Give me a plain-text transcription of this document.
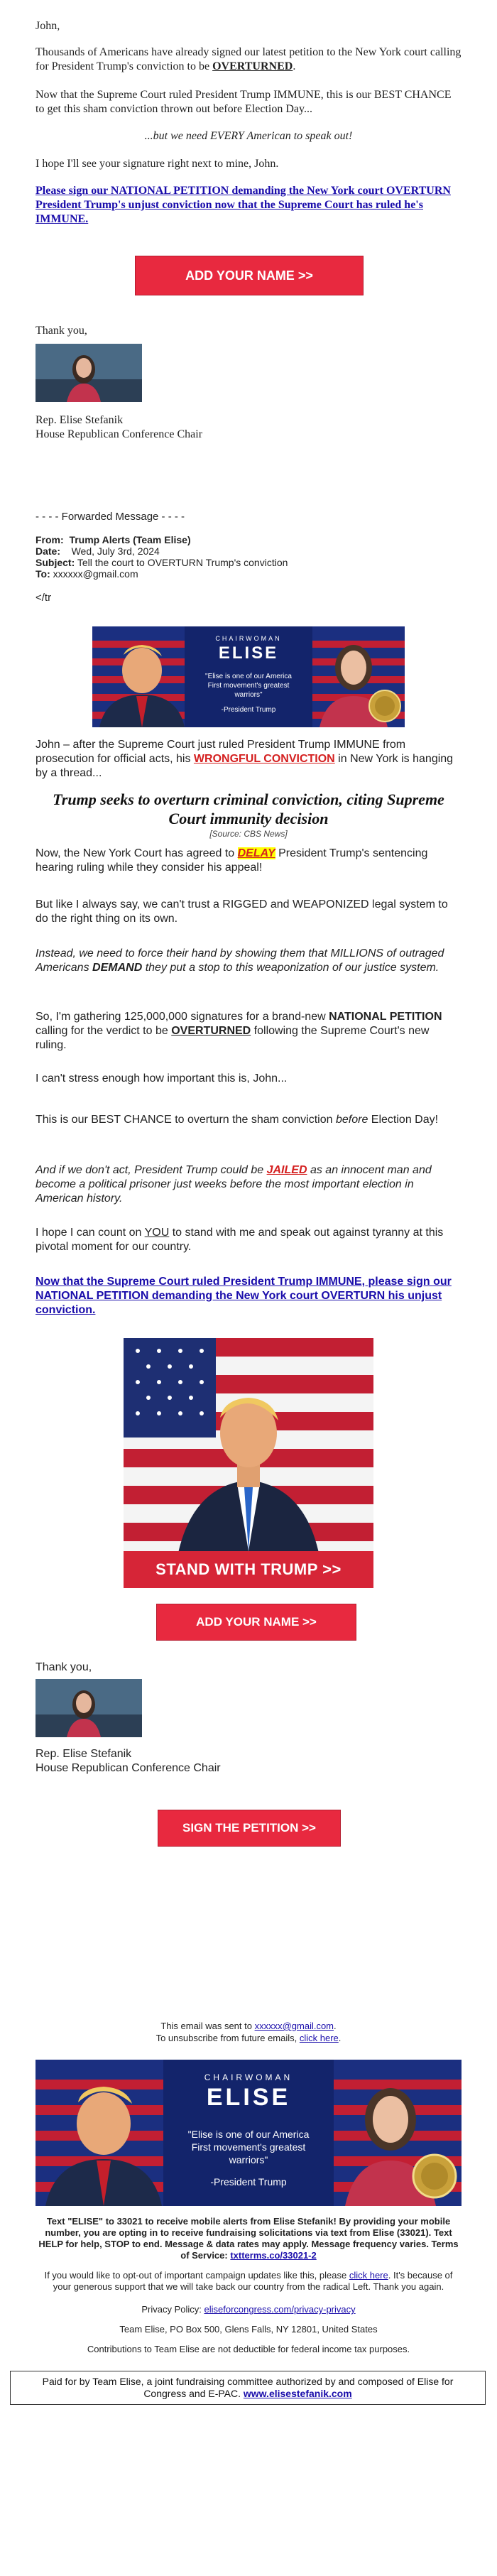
John,

Thousands of Americans have already signed our latest petition to the New York court calling for President Trump's conviction to be OVERTURNED.

Now that the Supreme Court ruled President Trump IMMUNE, this is our BEST CHANCE to get this sham conviction thrown out before Election Day...

...but we need EVERY American to speak out!

I hope I'll see your signature right next to mine, John.

Please sign our NATIONAL PETITION demanding the New York court OVERTURN President Trump's unjust conviction now that the Supreme Court has ruled he's IMMUNE.
ADD YOUR NAME >>

Thank you,

Rep. Elise Stefanik

House Republican Conference Chair

- - - - Forwarded Message - - - -

From: Trump Alerts (Team Elise)
Date: Wed, July 3rd, 2024
Subject: Tell the court to OVERTURN Trump's conviction
To: xxxxxx@gmail.com

</tr

CHAIRWOMAN
ELISE
"Elise is one of our America First movement's greatest warriors"
-President Trump

John – after the Supreme Court just ruled President Trump IMMUNE from prosecution for official acts, his WRONGFUL CONVICTION in New York is hanging by a thread...

Trump seeks to overturn criminal conviction, citing Supreme Court immunity decision

[Source: CBS News]

Now, the New York Court has agreed to DELAY President Trump's sentencing hearing ruling while they consider his appeal!

But like I always say, we can't trust a RIGGED and WEAPONIZED legal system to do the right thing on its own.

Instead, we need to force their hand by showing them that MILLIONS of outraged Americans DEMAND they put a stop to this weaponization of our justice system.

So, I'm gathering 125,000,000 signatures for a brand-new NATIONAL PETITION calling for the verdict to be OVERTURNED following the Supreme Court's new ruling.

I can't stress enough how important this is, John...

This is our BEST CHANCE to overturn the sham conviction before Election Day!

And if we don't act, President Trump could be JAILED as an innocent man and become a political prisoner just weeks before the most important election in American history.

I hope I can count on YOU to stand with me and speak out against tyranny at this pivotal moment for our country.

Now that the Supreme Court ruled President Trump IMMUNE, please sign our NATIONAL PETITION demanding the New York court OVERTURN his unjust conviction.
STAND WITH TRUMP >>
ADD YOUR NAME >>

Thank you,

Rep. Elise Stefanik

House Republican Conference Chair

SIGN THE PETITION >>

This email was sent to xxxxxx@gmail.com.

To unsubscribe from future emails, click here.

CHAIRWOMAN
ELISE
"Elise is one of our America First movement's greatest warriors"
-President Trump

Text "ELISE" to 33021 to receive mobile alerts from Elise Stefanik! By providing your mobile number, you are opting in to receive fundraising solicitations via text from Elise (33021). Text HELP for help, STOP to end. Message & data rates may apply. Message frequency varies. Terms of Service: txtterms.co/33021-2

If you would like to opt-out of important campaign updates like this, please click here. It's because of your generous support that we will take back our country from the radical Left. Thank you again.

Privacy Policy: eliseforcongress.com/privacy-privacy

Team Elise, PO Box 500, Glens Falls, NY 12801, United States

Contributions to Team Elise are not deductible for federal income tax purposes.

Paid for by Team Elise, a joint fundraising committee authorized by and composed of Elise for Congress and E-PAC. www.elisestefanik.com
